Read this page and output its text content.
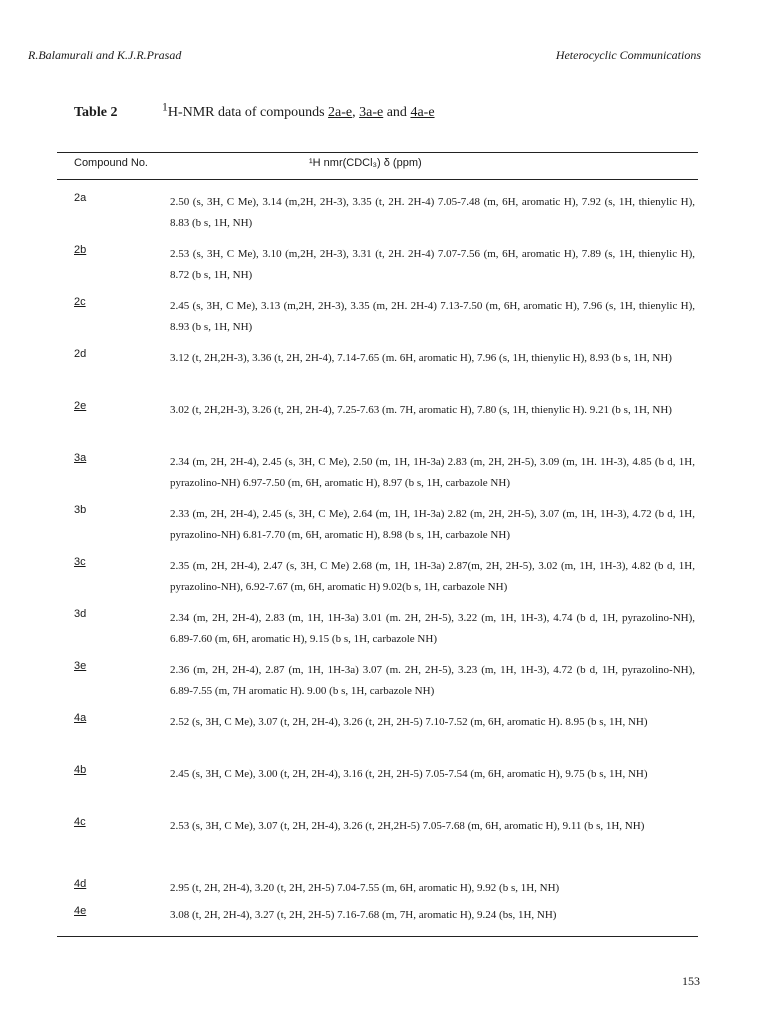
R.Balamurali and K.J.R.Prasad	Heterocyclic Communications
Table 2	$^1$H-NMR data of compounds 2a-e, 3a-e and 4a-e
Compound No.	¹H nmr(CDCl₃) δ (ppm)
2a	2.50 (s, 3H, C Me), 3.14 (m,2H, 2H-3), 3.35 (t, 2H. 2H-4) 7.05-7.48 (m, 6H, aromatic H), 7.92 (s, 1H, thienylic H), 8.83 (b s, 1H, NH)
2b	2.53 (s, 3H, C Me), 3.10 (m,2H, 2H-3), 3.31 (t, 2H. 2H-4) 7.07-7.56 (m, 6H, aromatic H), 7.89 (s, 1H, thienylic H), 8.72 (b s, 1H, NH)
2c	2.45 (s, 3H, C Me), 3.13 (m,2H, 2H-3), 3.35 (m, 2H. 2H-4) 7.13-7.50 (m, 6H, aromatic H), 7.96 (s, 1H, thienylic H), 8.93 (b s, 1H, NH)
2d	3.12 (t, 2H,2H-3), 3.36 (t, 2H, 2H-4), 7.14-7.65 (m. 6H, aromatic H), 7.96 (s, 1H, thienylic H), 8.93 (b s, 1H, NH)
2e	3.02 (t, 2H,2H-3), 3.26 (t, 2H, 2H-4), 7.25-7.63 (m. 7H, aromatic H), 7.80 (s, 1H, thienylic H). 9.21 (b s, 1H, NH)
3a	2.34 (m, 2H, 2H-4), 2.45 (s, 3H, C Me), 2.50 (m, 1H, 1H-3a) 2.83 (m, 2H, 2H-5), 3.09 (m, 1H. 1H-3), 4.85 (b d, 1H, pyrazolino-NH) 6.97-7.50 (m, 6H, aromatic H), 8.97 (b s, 1H, carbazole NH)
3b	2.33 (m, 2H, 2H-4), 2.45 (s, 3H, C Me), 2.64 (m, 1H, 1H-3a) 2.82 (m, 2H, 2H-5), 3.07 (m, 1H, 1H-3), 4.72 (b d, 1H, pyrazolino-NH) 6.81-7.70 (m, 6H, aromatic H), 8.98 (b s, 1H, carbazole NH)
3c	2.35 (m, 2H, 2H-4), 2.47 (s, 3H, C Me) 2.68 (m, 1H, 1H-3a) 2.87(m, 2H, 2H-5), 3.02 (m, 1H, 1H-3), 4.82 (b d, 1H, pyrazolino-NH), 6.92-7.67 (m, 6H, aromatic H) 9.02(b s, 1H, carbazole NH)
3d	2.34 (m, 2H, 2H-4), 2.83 (m, 1H, 1H-3a) 3.01 (m. 2H, 2H-5), 3.22 (m, 1H, 1H-3), 4.74 (b d, 1H, pyrazolino-NH), 6.89-7.60 (m, 6H, aromatic H), 9.15 (b s, 1H, carbazole NH)
3e	2.36 (m, 2H, 2H-4), 2.87 (m, 1H, 1H-3a) 3.07 (m. 2H, 2H-5), 3.23 (m, 1H, 1H-3), 4.72 (b d, 1H, pyrazolino-NH), 6.89-7.55 (m, 7H aromatic H). 9.00 (b s, 1H, carbazole NH)
4a	2.52 (s, 3H, C Me), 3.07 (t, 2H, 2H-4), 3.26 (t, 2H, 2H-5) 7.10-7.52 (m, 6H, aromatic H). 8.95 (b s, 1H, NH)
4b	2.45 (s, 3H, C Me), 3.00 (t, 2H, 2H-4), 3.16 (t, 2H, 2H-5) 7.05-7.54 (m, 6H, aromatic H), 9.75 (b s, 1H, NH)
4c	2.53 (s, 3H, C Me), 3.07 (t, 2H, 2H-4), 3.26 (t, 2H,2H-5) 7.05-7.68 (m, 6H, aromatic H), 9.11 (b s, 1H, NH)
4d	2.95 (t, 2H, 2H-4), 3.20 (t, 2H, 2H-5) 7.04-7.55 (m, 6H, aromatic H), 9.92 (b s, 1H, NH)
4e	3.08 (t, 2H, 2H-4), 3.27 (t, 2H, 2H-5) 7.16-7.68 (m, 7H, aromatic H), 9.24 (bs, 1H, NH)
153
